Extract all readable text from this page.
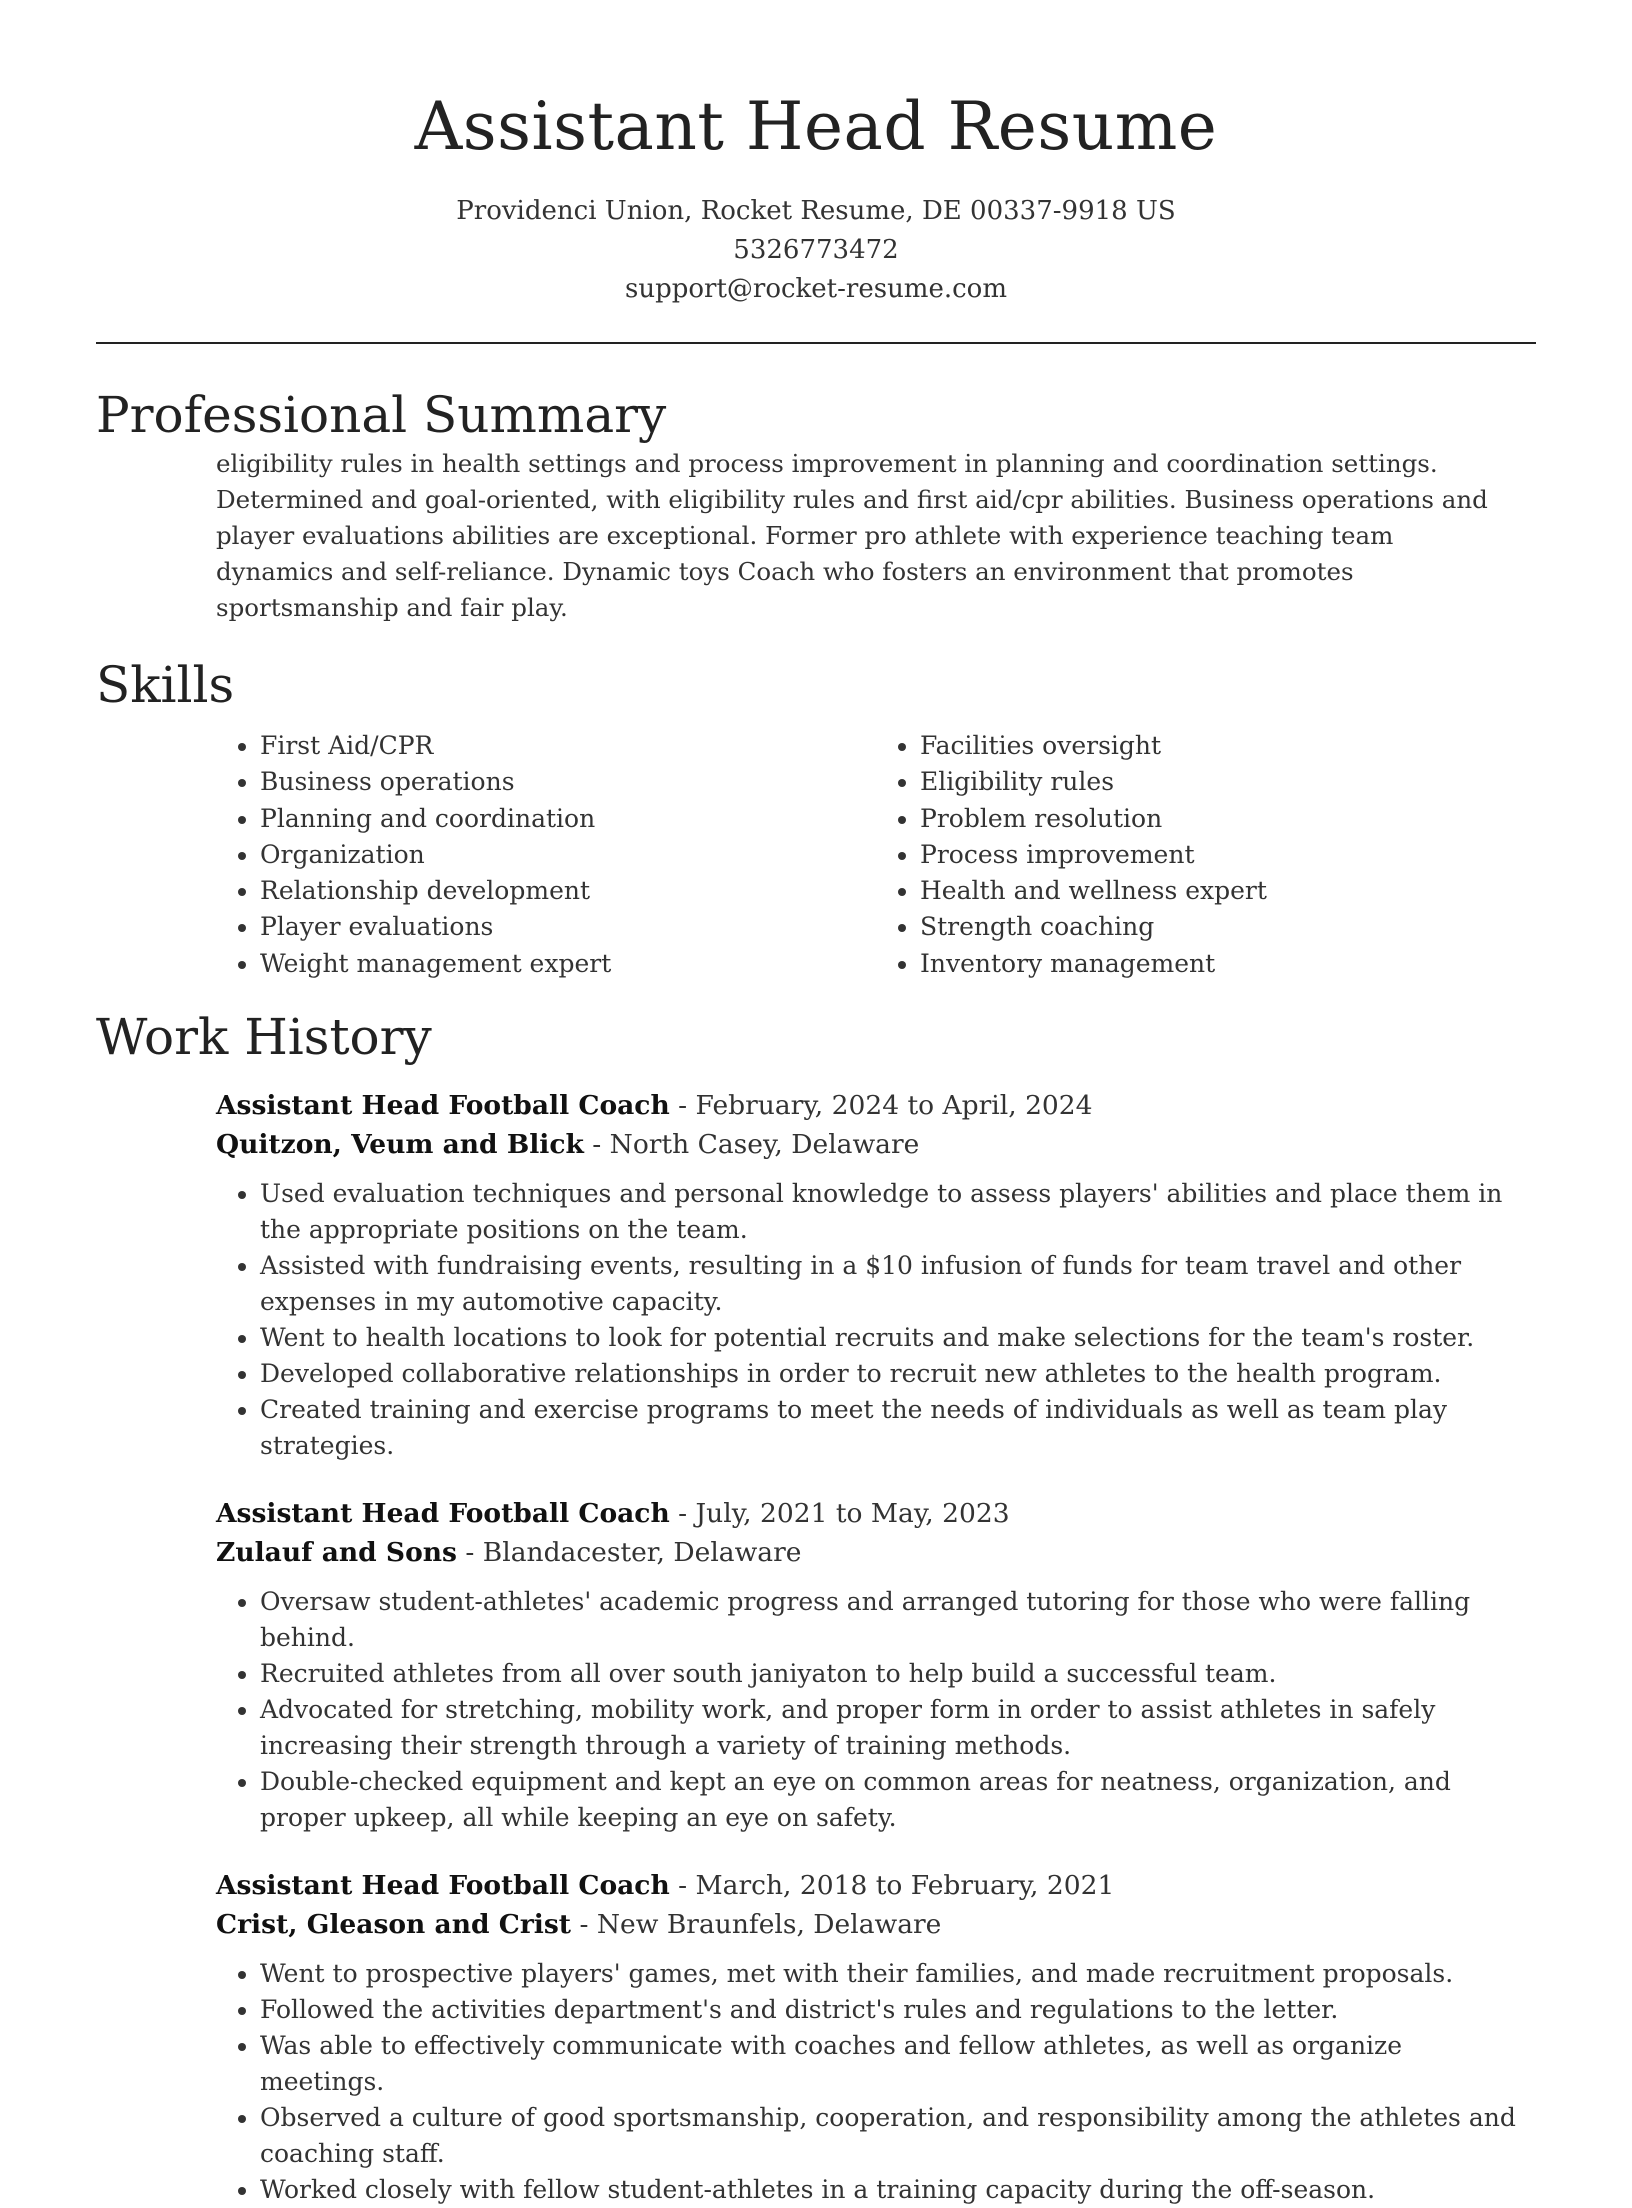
Assistant Head Resume
Providenci Union, Rocket Resume, DE 00337-9918 US
5326773472
support@rocket-resume.com
Professional Summary
eligibility rules in health settings and process improvement in planning and coordination settings. Determined and goal-oriented, with eligibility rules and first aid/cpr abilities. Business operations and player evaluations abilities are exceptional. Former pro athlete with experience teaching team dynamics and self-reliance. Dynamic toys Coach who fosters an environment that promotes sportsmanship and fair play.
Skills
• First Aid/CPR
• Business operations
• Planning and coordination
• Organization
• Relationship development
• Player evaluations
• Weight management expert
• Facilities oversight
• Eligibility rules
• Problem resolution
• Process improvement
• Health and wellness expert
• Strength coaching
• Inventory management
Work History
Assistant Head Football Coach - February, 2024 to April, 2024
Quitzon, Veum and Blick - North Casey, Delaware
• Used evaluation techniques and personal knowledge to assess players' abilities and place them in the appropriate positions on the team.
• Assisted with fundraising events, resulting in a $10 infusion of funds for team travel and other expenses in my automotive capacity.
• Went to health locations to look for potential recruits and make selections for the team's roster.
• Developed collaborative relationships in order to recruit new athletes to the health program.
• Created training and exercise programs to meet the needs of individuals as well as team play strategies.
Assistant Head Football Coach - July, 2021 to May, 2023
Zulauf and Sons - Blandacester, Delaware
• Oversaw student-athletes' academic progress and arranged tutoring for those who were falling behind.
• Recruited athletes from all over south janiyaton to help build a successful team.
• Advocated for stretching, mobility work, and proper form in order to assist athletes in safely increasing their strength through a variety of training methods.
• Double-checked equipment and kept an eye on common areas for neatness, organization, and proper upkeep, all while keeping an eye on safety.
Assistant Head Football Coach - March, 2018 to February, 2021
Crist, Gleason and Crist - New Braunfels, Delaware
• Went to prospective players' games, met with their families, and made recruitment proposals.
• Followed the activities department's and district's rules and regulations to the letter.
• Was able to effectively communicate with coaches and fellow athletes, as well as organize meetings.
• Observed a culture of good sportsmanship, cooperation, and responsibility among the athletes and coaching staff.
• Worked closely with fellow student-athletes in a training capacity during the off-season.
